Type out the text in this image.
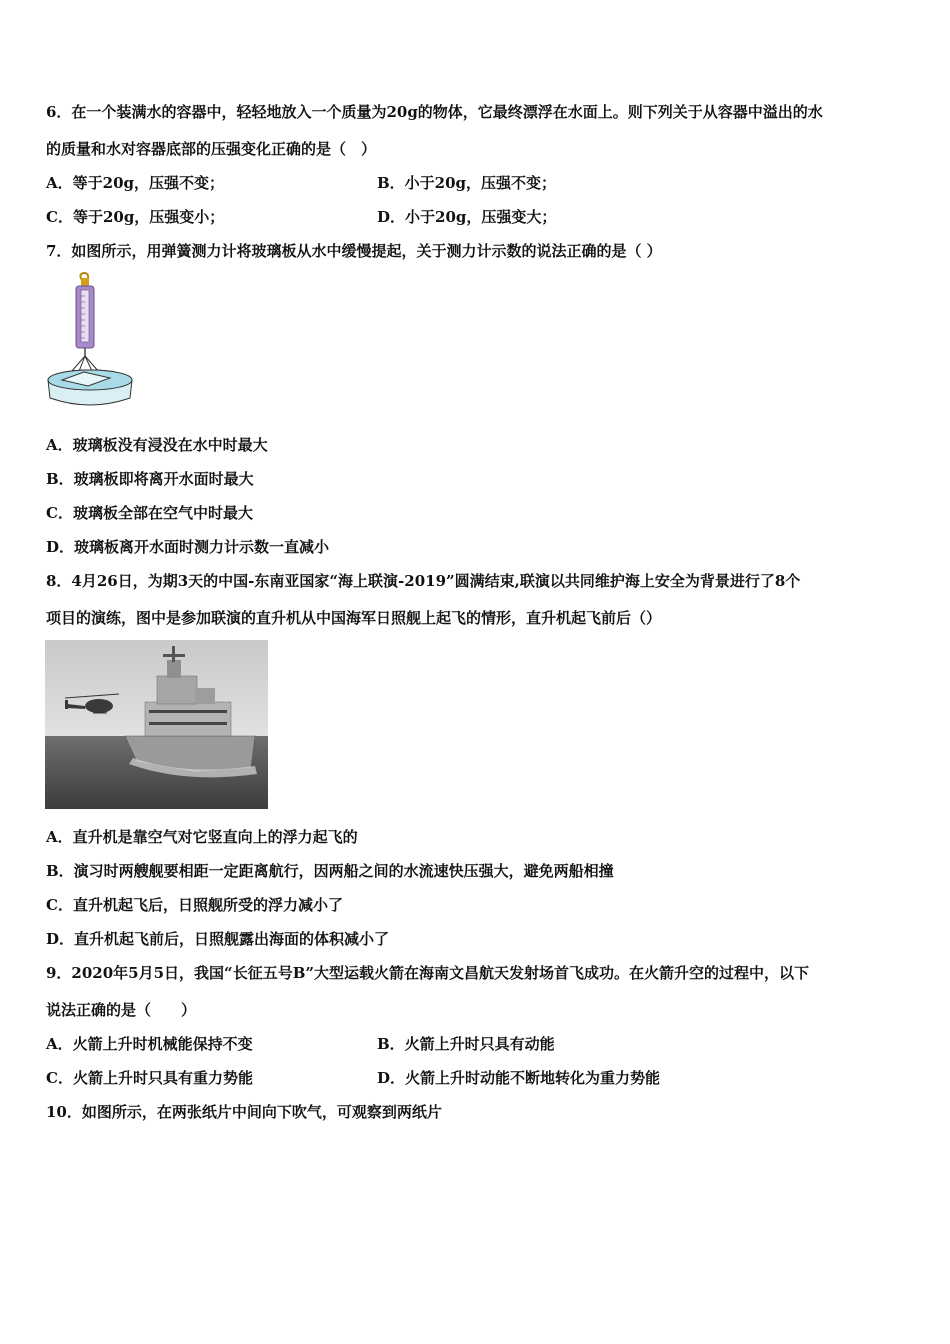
6．在一个装满水的容器中，轻轻地放入一个质量为20g的物体，它最终漂浮在水面上。则下列关于从容器中溢出的水
的质量和水对容器底部的压强变化正确的是（　）
A．等于20g，压强不变；	B．小于20g，压强不变；
C．等于20g，压强变小；	D．小于20g，压强变大；
7．如图所示，用弹簧测力计将玻璃板从水中缓慢提起，关于测力计示数的说法正确的是（ ）
A．玻璃板没有浸没在水中时最大
B．玻璃板即将离开水面时最大
C．玻璃板全部在空气中时最大
D．玻璃板离开水面时测力计示数一直减小
8．4月26日，为期3天的中国-东南亚国家“海上联演-2019”圆满结束,联演以共同维护海上安全为背景进行了8个
项目的演练，图中是参加联演的直升机从中国海军日照舰上起飞的情形，直升机起飞前后（）
A．直升机是靠空气对它竖直向上的浮力起飞的
B．演习时两艘舰要相距一定距离航行，因两船之间的水流速快压强大，避免两船相撞
C．直升机起飞后，日照舰所受的浮力减小了
D．直升机起飞前后，日照舰露出海面的体积减小了
9．2020年5月5日，我国“长征五号B”大型运载火箭在海南文昌航天发射场首飞成功。在火箭升空的过程中，以下
说法正确的是（　　）
A．火箭上升时机械能保持不变	B．火箭上升时只具有动能
C．火箭上升时只具有重力势能	D．火箭上升时动能不断地转化为重力势能
10．如图所示，在两张纸片中间向下吹气，可观察到两纸片
